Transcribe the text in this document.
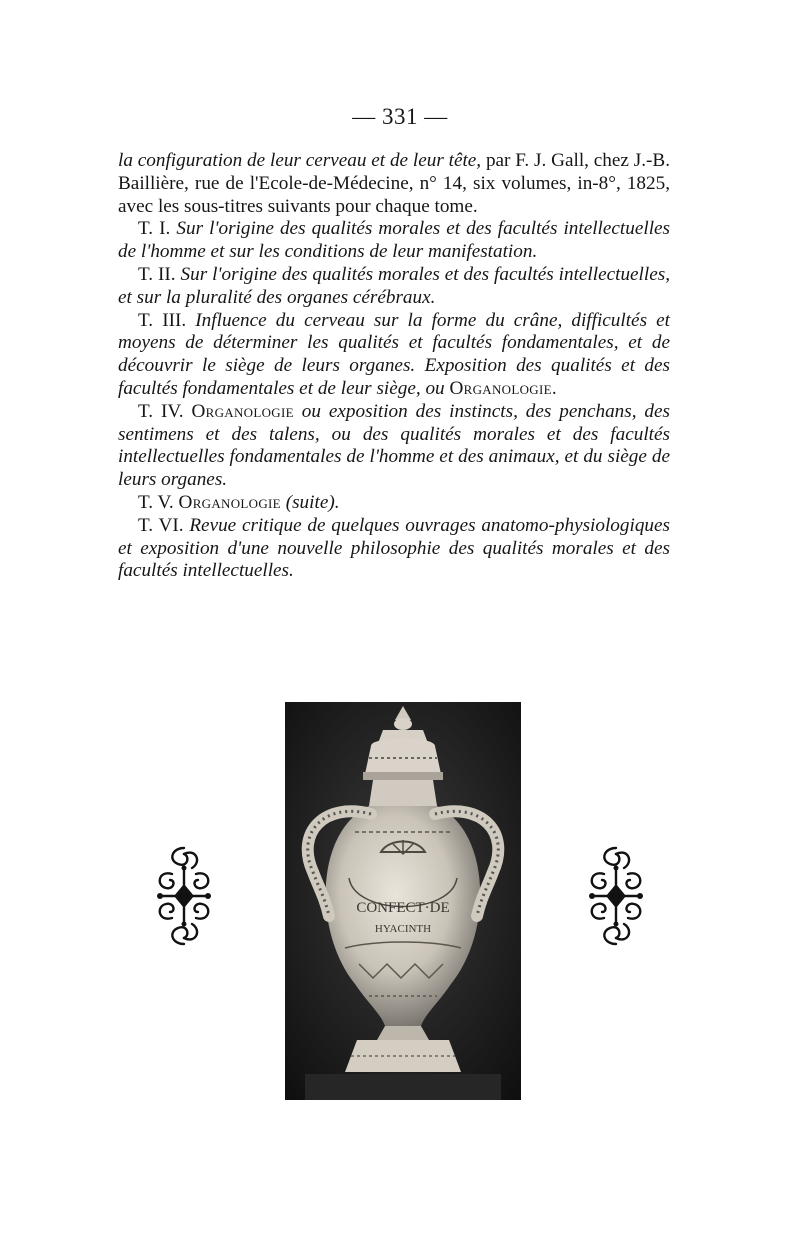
— 331 —

la configuration de leur cerveau et de leur tête, par F. J. Gall, chez J.-B. Baillière, rue de l'Ecole-de-Médecine, n° 14, six volumes, in-8°, 1825, avec les sous-titres suivants pour chaque tome.

T. I. Sur l'origine des qualités morales et des facultés intellectuelles de l'homme et sur les conditions de leur manifestation.

T. II. Sur l'origine des qualités morales et des facultés intellectuelles, et sur la pluralité des organes cérébraux.

T. III. Influence du cerveau sur la forme du crâne, difficultés et moyens de déterminer les qualités et facultés fondamentales, et de découvrir le siège de leurs organes. Exposition des qualités et des facultés fondamentales et de leur siège, ou Organologie.

T. IV. Organologie ou exposition des instincts, des penchans, des sentimens et des talens, ou des qualités morales et des facultés intellectuelles fondamentales de l'homme et des animaux, et du siège de leurs organes.

T. V. Organologie (suite).

T. VI. Revue critique de quelques ouvrages anatomo-physiologiques et exposition d'une nouvelle philosophie des qualités morales et des facultés intellectuelles.

CONFECT·DE
HYACINTH
